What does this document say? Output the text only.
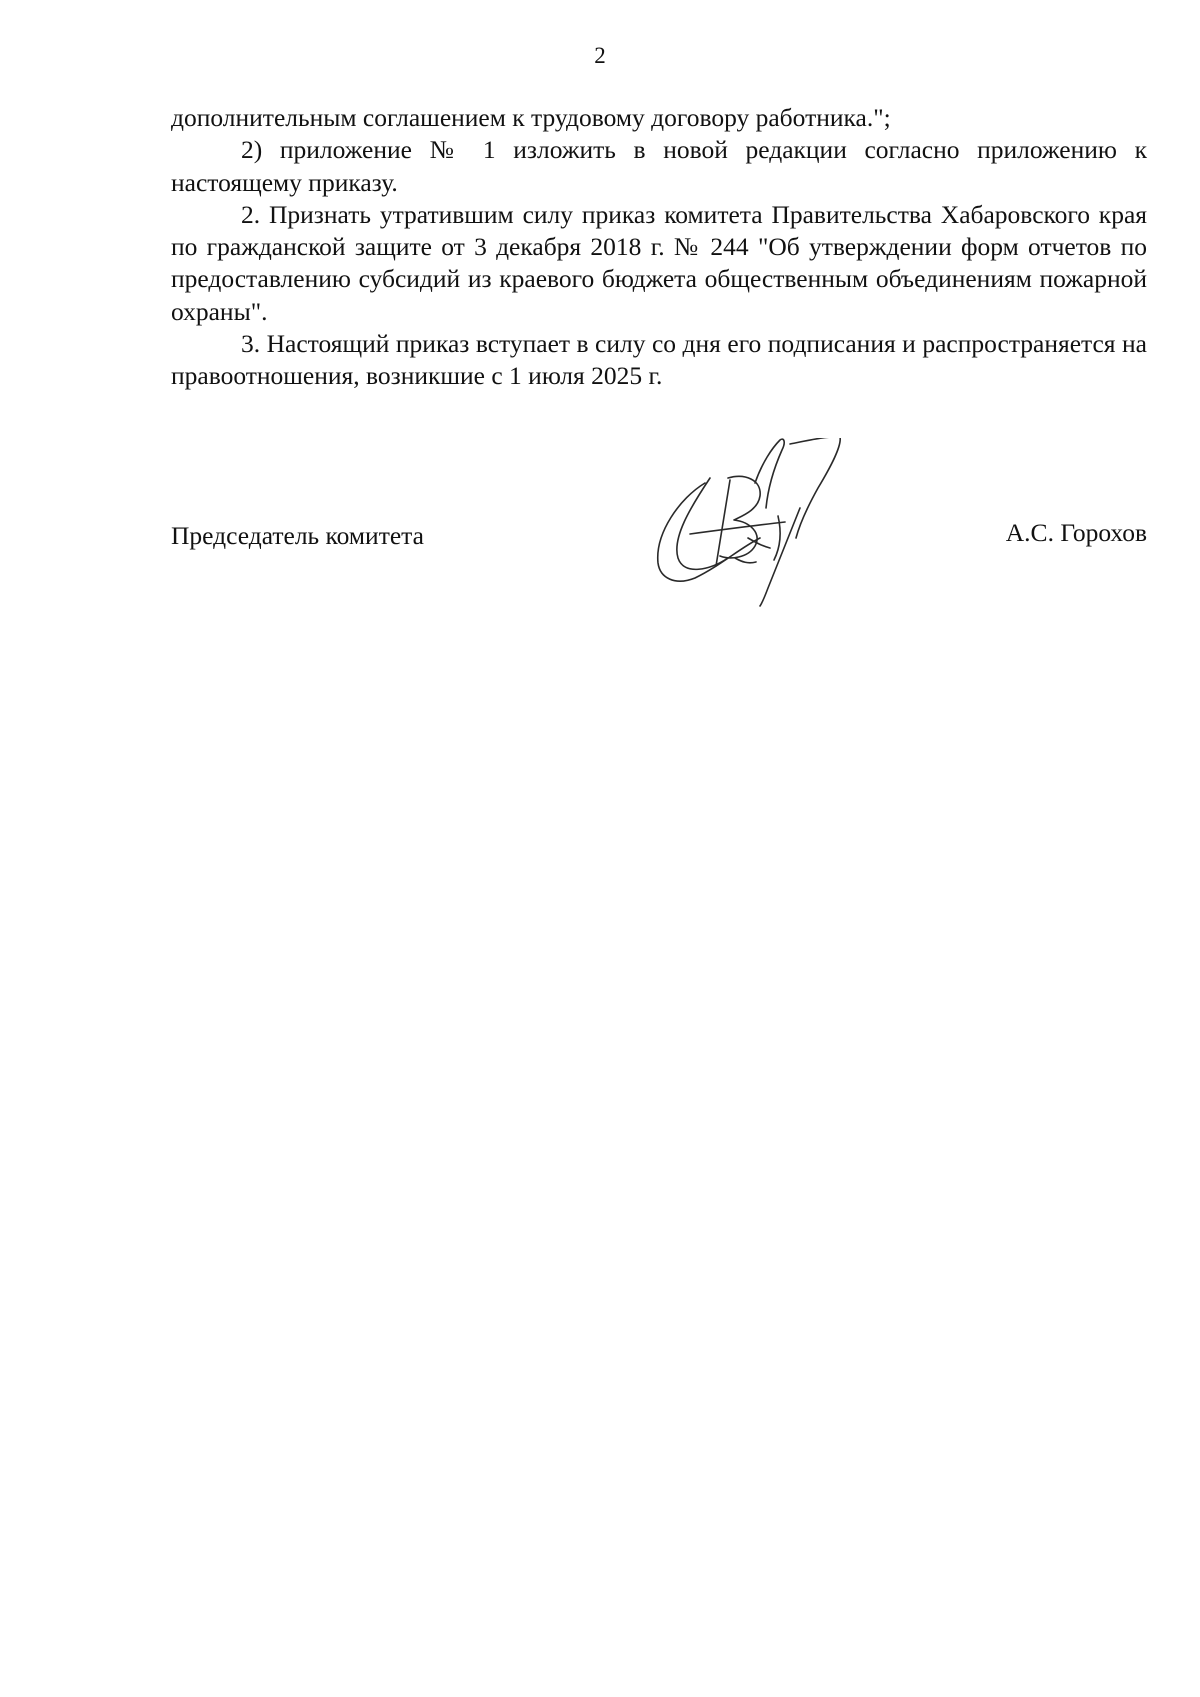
2

дополнительным соглашением к трудовому договору работника.";

2) приложение № 1 изложить в новой редакции согласно приложению к настоящему приказу.

2. Признать утратившим силу приказ комитета Правительства Хабаровского края по гражданской защите от 3 декабря 2018 г. № 244 "Об утверждении форм отчетов по предоставлению субсидий из краевого бюджета общественным объединениям пожарной охраны".

3. Настоящий приказ вступает в силу со дня его подписания и распространяется на правоотношения, возникшие с 1 июля 2025 г.

Председатель комитета	А.С. Горохов
